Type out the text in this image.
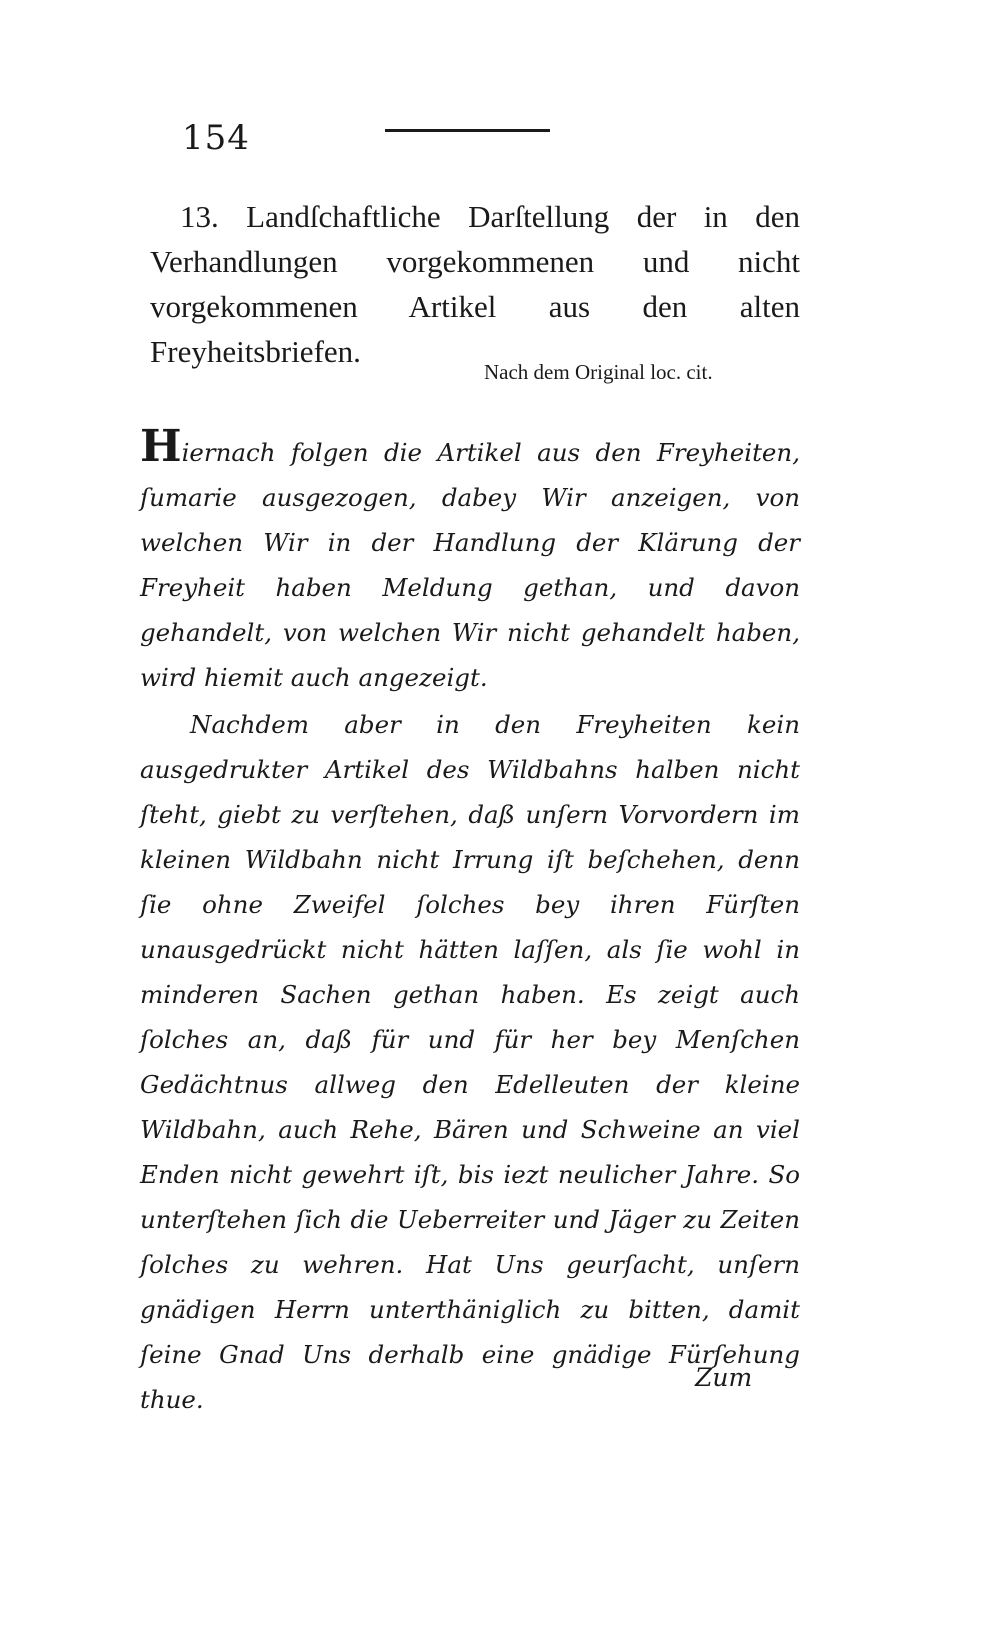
154
13. Landſchaftliche Darſtellung der in den Verhandlungen vorgekommenen und nicht vorgekommenen Artikel aus den alten Freyheitsbriefen.
Nach dem Original loc. cit.
Hiernach folgen die Artikel aus den Freyheiten, ſumarie ausgezogen, dabey Wir anzeigen, von welchen Wir in der Handlung der Klärung der Freyheit haben Meldung gethan, und davon gehandelt, von welchen Wir nicht gehandelt haben, wird hiemit auch angezeigt.
Nachdem aber in den Freyheiten kein ausgedrukter Artikel des Wildbahns halben nicht ſteht, giebt zu verſtehen, daß unſern Vorvordern im kleinen Wildbahn nicht Irrung iſt beſchehen, denn ſie ohne Zweifel ſolches bey ihren Fürſten unausgedrückt nicht hätten laſſen, als ſie wohl in minderen Sachen gethan haben. Es zeigt auch ſolches an, daß für und für her bey Menſchen Gedächtnus allweg den Edelleuten der kleine Wildbahn, auch Rehe, Bären und Schweine an viel Enden nicht gewehrt iſt, bis iezt neulicher Jahre. So unterſtehen ſich die Ueberreiter und Jäger zu Zeiten ſolches zu wehren. Hat Uns geurſacht, unſern gnädigen Herrn unterthäniglich zu bitten, damit ſeine Gnad Uns derhalb eine gnädige Fürſehung thue.
Zum
